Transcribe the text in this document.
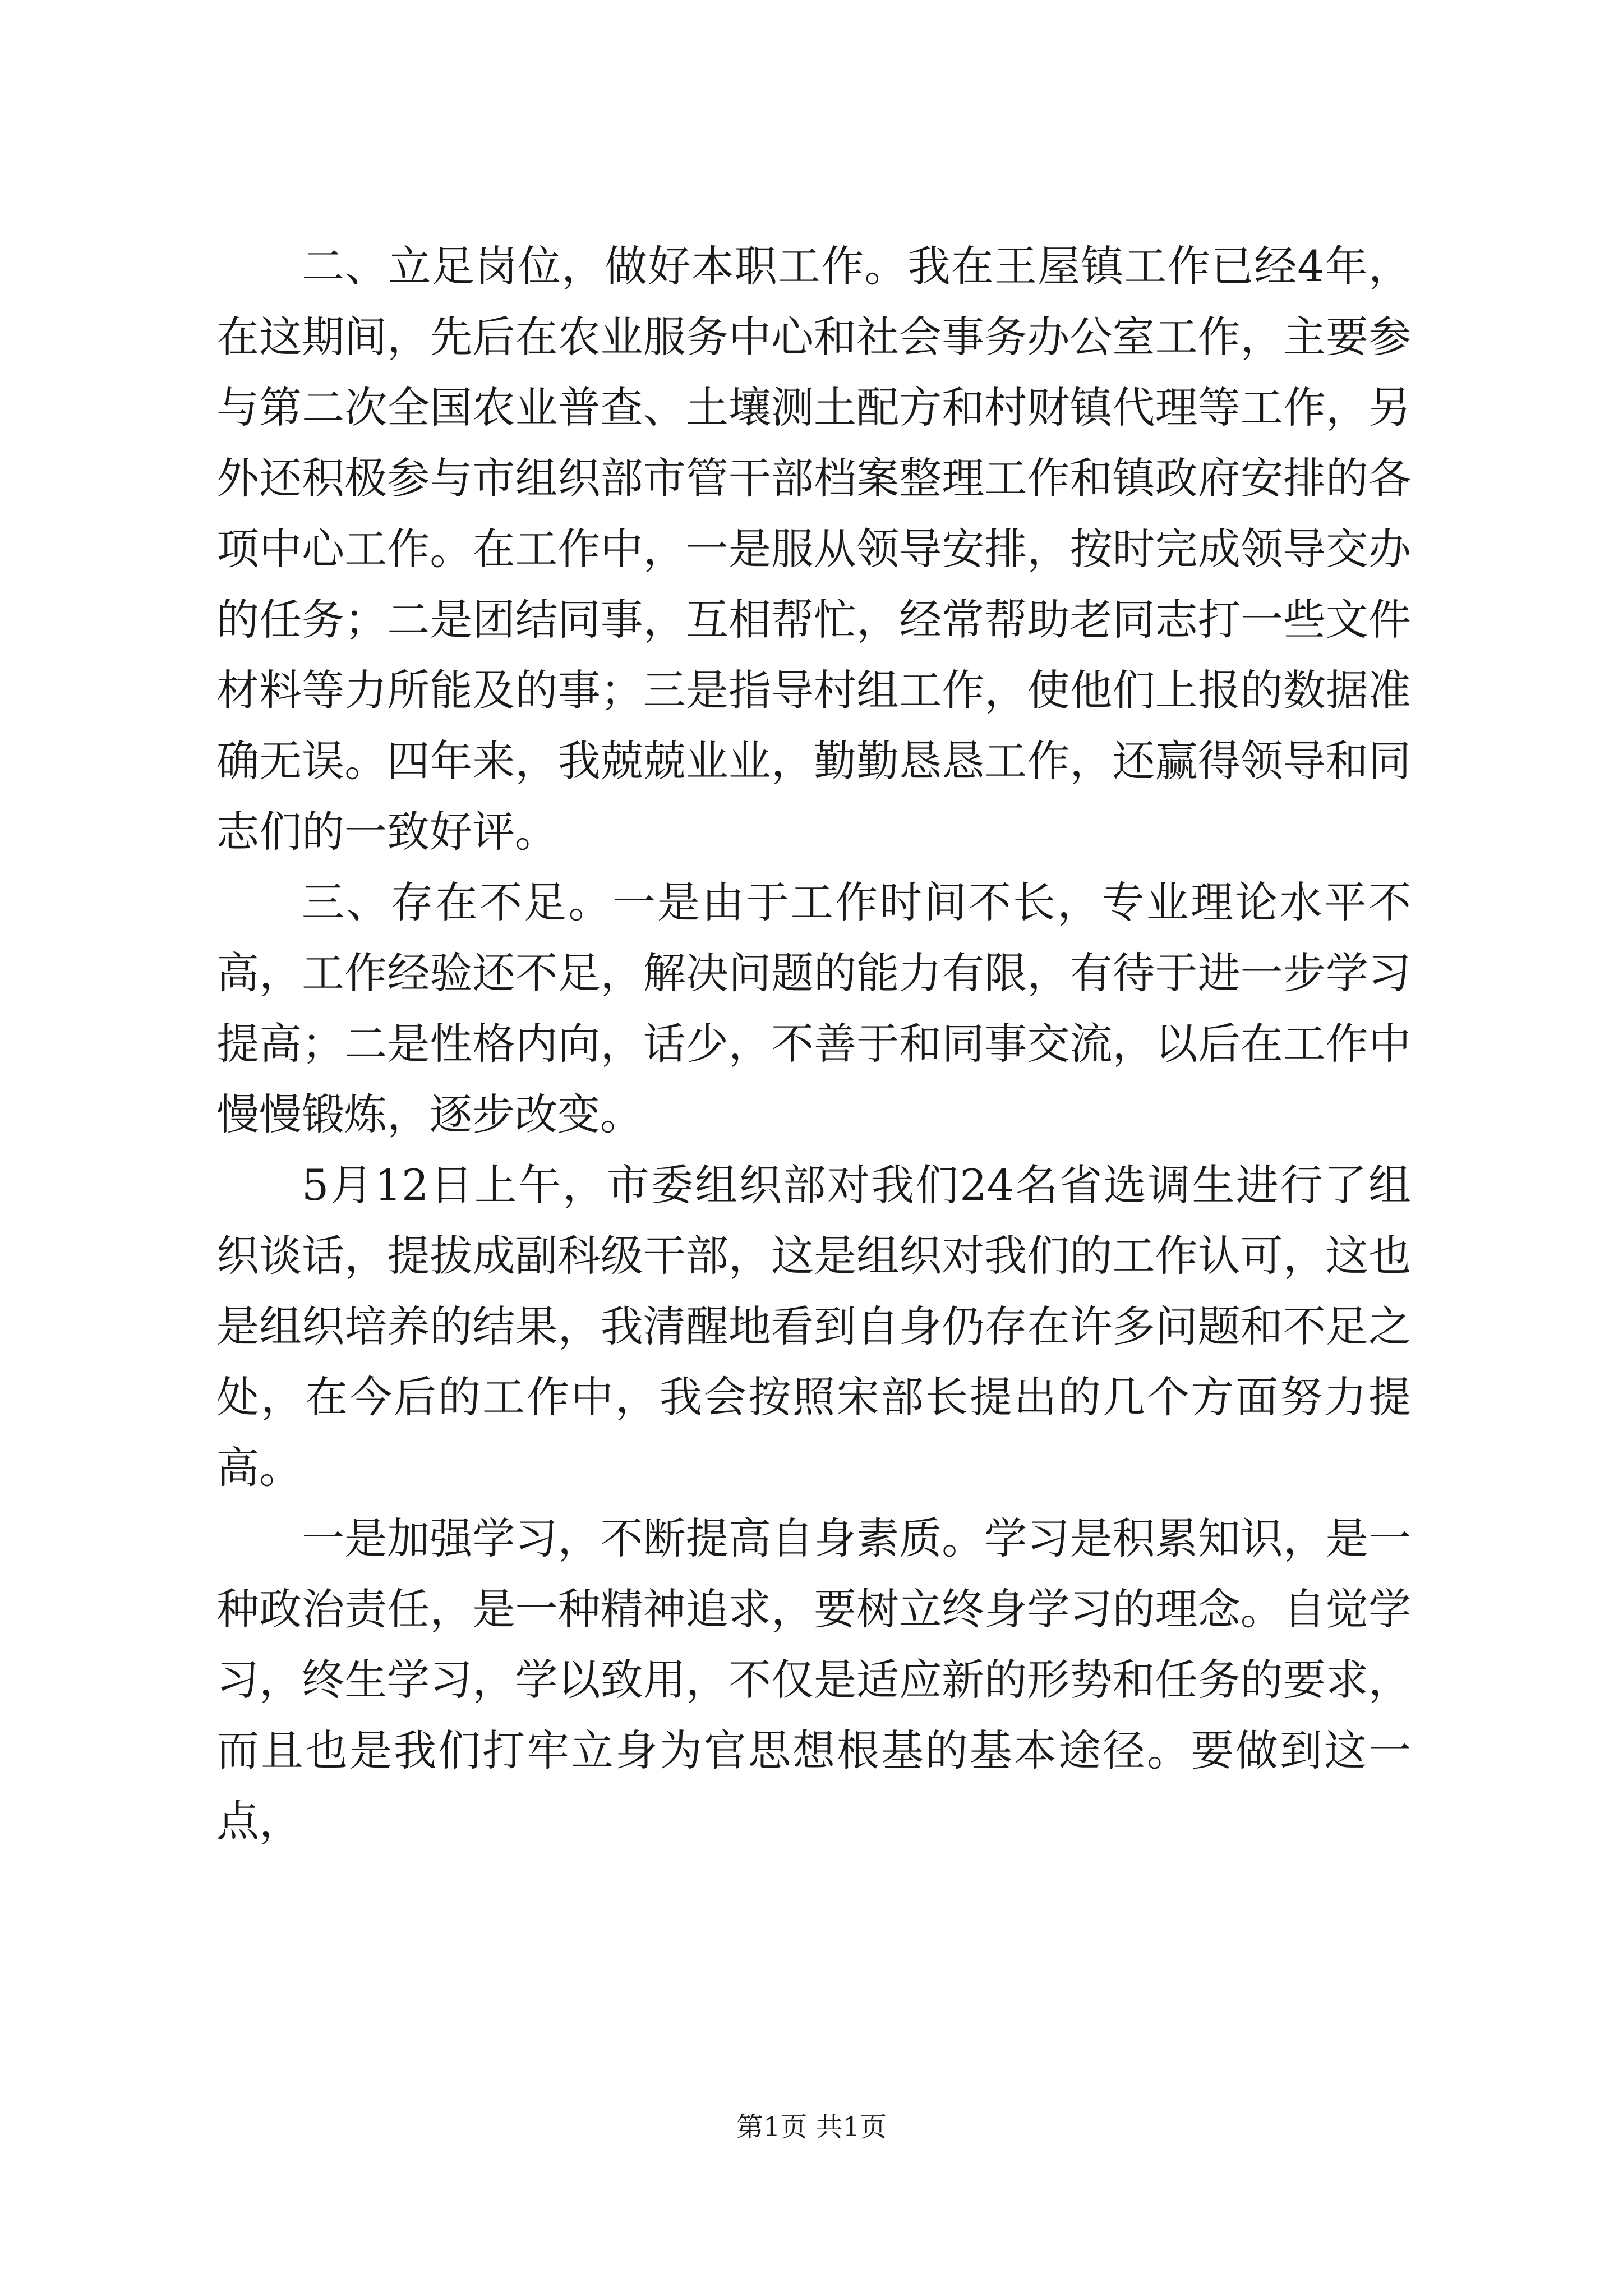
二、立足岗位，做好本职工作。我在王屋镇工作已经4年，在这期间，先后在农业服务中心和社会事务办公室工作，主要参与第二次全国农业普查、土壤测土配方和村财镇代理等工作，另外还积极参与市组织部市管干部档案整理工作和镇政府安排的各项中心工作。在工作中，一是服从领导安排，按时完成领导交办的任务；二是团结同事，互相帮忙，经常帮助老同志打一些文件材料等力所能及的事；三是指导村组工作，使他们上报的数据准确无误。四年来，我兢兢业业，勤勤恳恳工作，还赢得领导和同志们的一致好评。

三、存在不足。一是由于工作时间不长，专业理论水平不高，工作经验还不足，解决问题的能力有限，有待于进一步学习提高；二是性格内向，话少，不善于和同事交流，以后在工作中慢慢锻炼，逐步改变。

5月12日上午，市委组织部对我们24名省选调生进行了组织谈话，提拔成副科级干部，这是组织对我们的工作认可，这也是组织培养的结果，我清醒地看到自身仍存在许多问题和不足之处，在今后的工作中，我会按照宋部长提出的几个方面努力提高。

一是加强学习，不断提高自身素质。学习是积累知识，是一种政治责任，是一种精神追求，要树立终身学习的理念。自觉学习，终生学习，学以致用，不仅是适应新的形势和任务的要求，而且也是我们打牢立身为官思想根基的基本途径。要做到这一点，

第1页 共1页
